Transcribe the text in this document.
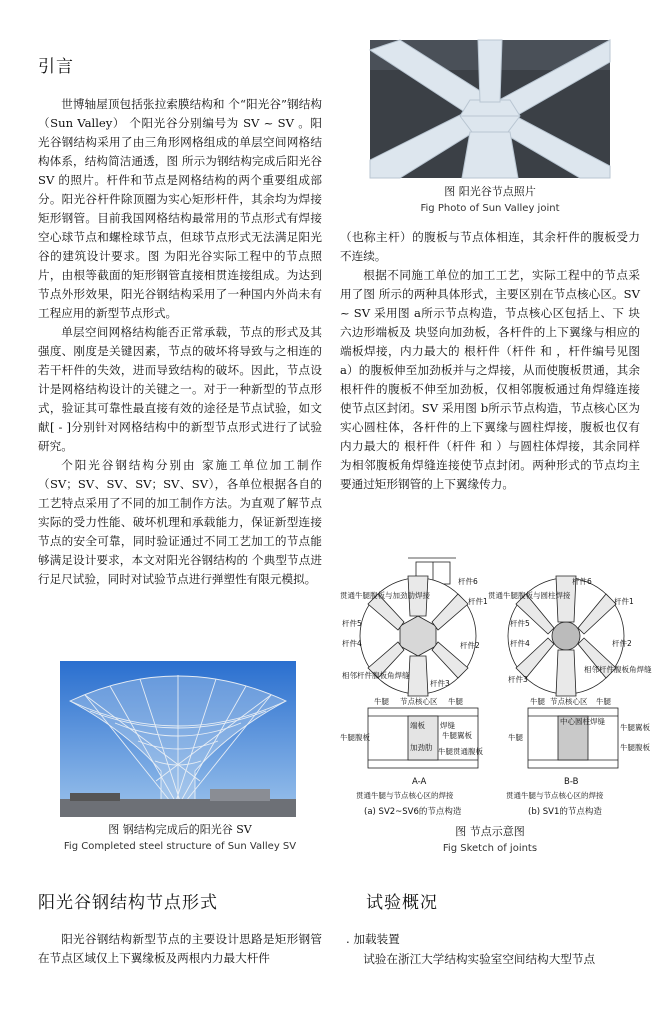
引言

世博轴屋顶包括张拉索膜结构和 个“阳光谷”钢结构（Sun Valley） 个阳光谷分别编号为 SV ~ SV 。阳光谷钢结构采用了由三角形网格组成的单层空间网格结构体系，结构简洁通透，图 所示为钢结构完成后阳光谷 SV 的照片。杆件和节点是网格结构的两个重要组成部分。阳光谷杆件除顶圈为实心矩形杆件，其余均为焊接矩形钢管。目前我国网格结构最常用的节点形式有焊接空心球节点和螺栓球节点，但球节点形式无法满足阳光谷的建筑设计要求。图 为阳光谷实际工程中的节点照片，由根等截面的矩形钢管直接相贯连接组成。为达到节点外形效果，阳光谷钢结构采用了一种国内外尚未有工程应用的新型节点形式。

单层空间网格结构能否正常承载，节点的形式及其强度、刚度是关键因素，节点的破坏将导致与之相连的若干杆件的失效，进而导致结构的破坏。因此，节点设计是网格结构设计的关键之一。对于一种新型的节点形式，验证其可靠性最直接有效的途径是节点试验，如文献[ - ]分别针对网格结构中的新型节点形式进行了试验研究。

个阳光谷钢结构分别由 家施工单位加工制作（SV；SV、SV、SV；SV、SV），各单位根据各自的工艺特点采用了不同的加工制作方法。为直观了解节点实际的受力性能、破坏机理和承载能力，保证新型连接节点的安全可靠，同时验证通过不同工艺加工的节点能够满足设计要求，本文对阳光谷钢结构的 个典型节点进行足尺试验，同时对试验节点进行弹塑性有限元模拟。

图 钢结构完成后的阳光谷 SV
Fig Completed steel structure of Sun Valley SV
阳光谷钢结构节点形式

阳光谷钢结构新型节点的主要设计思路是矩形钢管在节点区域仅上下翼缘板及两根内力最大杆件

图 阳光谷节点照片
Fig Photo of Sun Valley joint

（也称主杆）的腹板与节点体相连，其余杆件的腹板受力不连续。

根据不同施工单位的加工工艺，实际工程中的节点采用了图 所示的两种具体形式，主要区别在节点核心区。SV ~ SV 采用图 a所示节点构造，节点核心区包括上、下 块六边形端板及 块竖向加劲板，各杆件的上下翼缘与相应的端板焊接，内力最大的 根杆件（杆件 和 ，杆件编号见图 a）的腹板伸至加劲板并与之焊接，从而使腹板贯通，其余 根杆件的腹板不伸至加劲板，仅相邻腹板通过角焊缝连接使节点区封闭。SV 采用图 b所示节点构造，节点核心区为实心圆柱体，各杆件的上下翼缘与圆柱焊接，腹板也仅有内力最大的 根杆件（杆件 和 ）与圆柱体焊接，其余同样为相邻腹板角焊缝连接使节点封闭。两种形式的节点均主要通过矩形钢管的上下翼缘传力。

贯通牛腿腹板与加劲肋焊接
杆件1
杆件2
杆件3
杆件4
杆件5
杆件6
相邻杆件腹板角焊缝
贯通牛腿腹板与圆柱焊接
杆件1
杆件2
杆件3
杆件4
杆件5
杆件6
相邻杆件腹板角焊缝
牛腿 节点核心区 牛腿
端板 焊缝
牛腿翼板
牛腿腹板
加劲肋 牛腿贯通腹板
A-A
贯通牛腿与节点核心区的焊接
(a) SV2~SV6的节点构造
牛腿 节点核心区 牛腿
中心圆柱 焊缝
牛腿翼板
牛腿腹板
牛腿
B-B
贯通牛腿与节点核心区的焊接
(b) SV1的节点构造
图 节点示意图
Fig Sketch of joints
试验概况
. 加载装置

试验在浙江大学结构实验室空间结构大型节点
